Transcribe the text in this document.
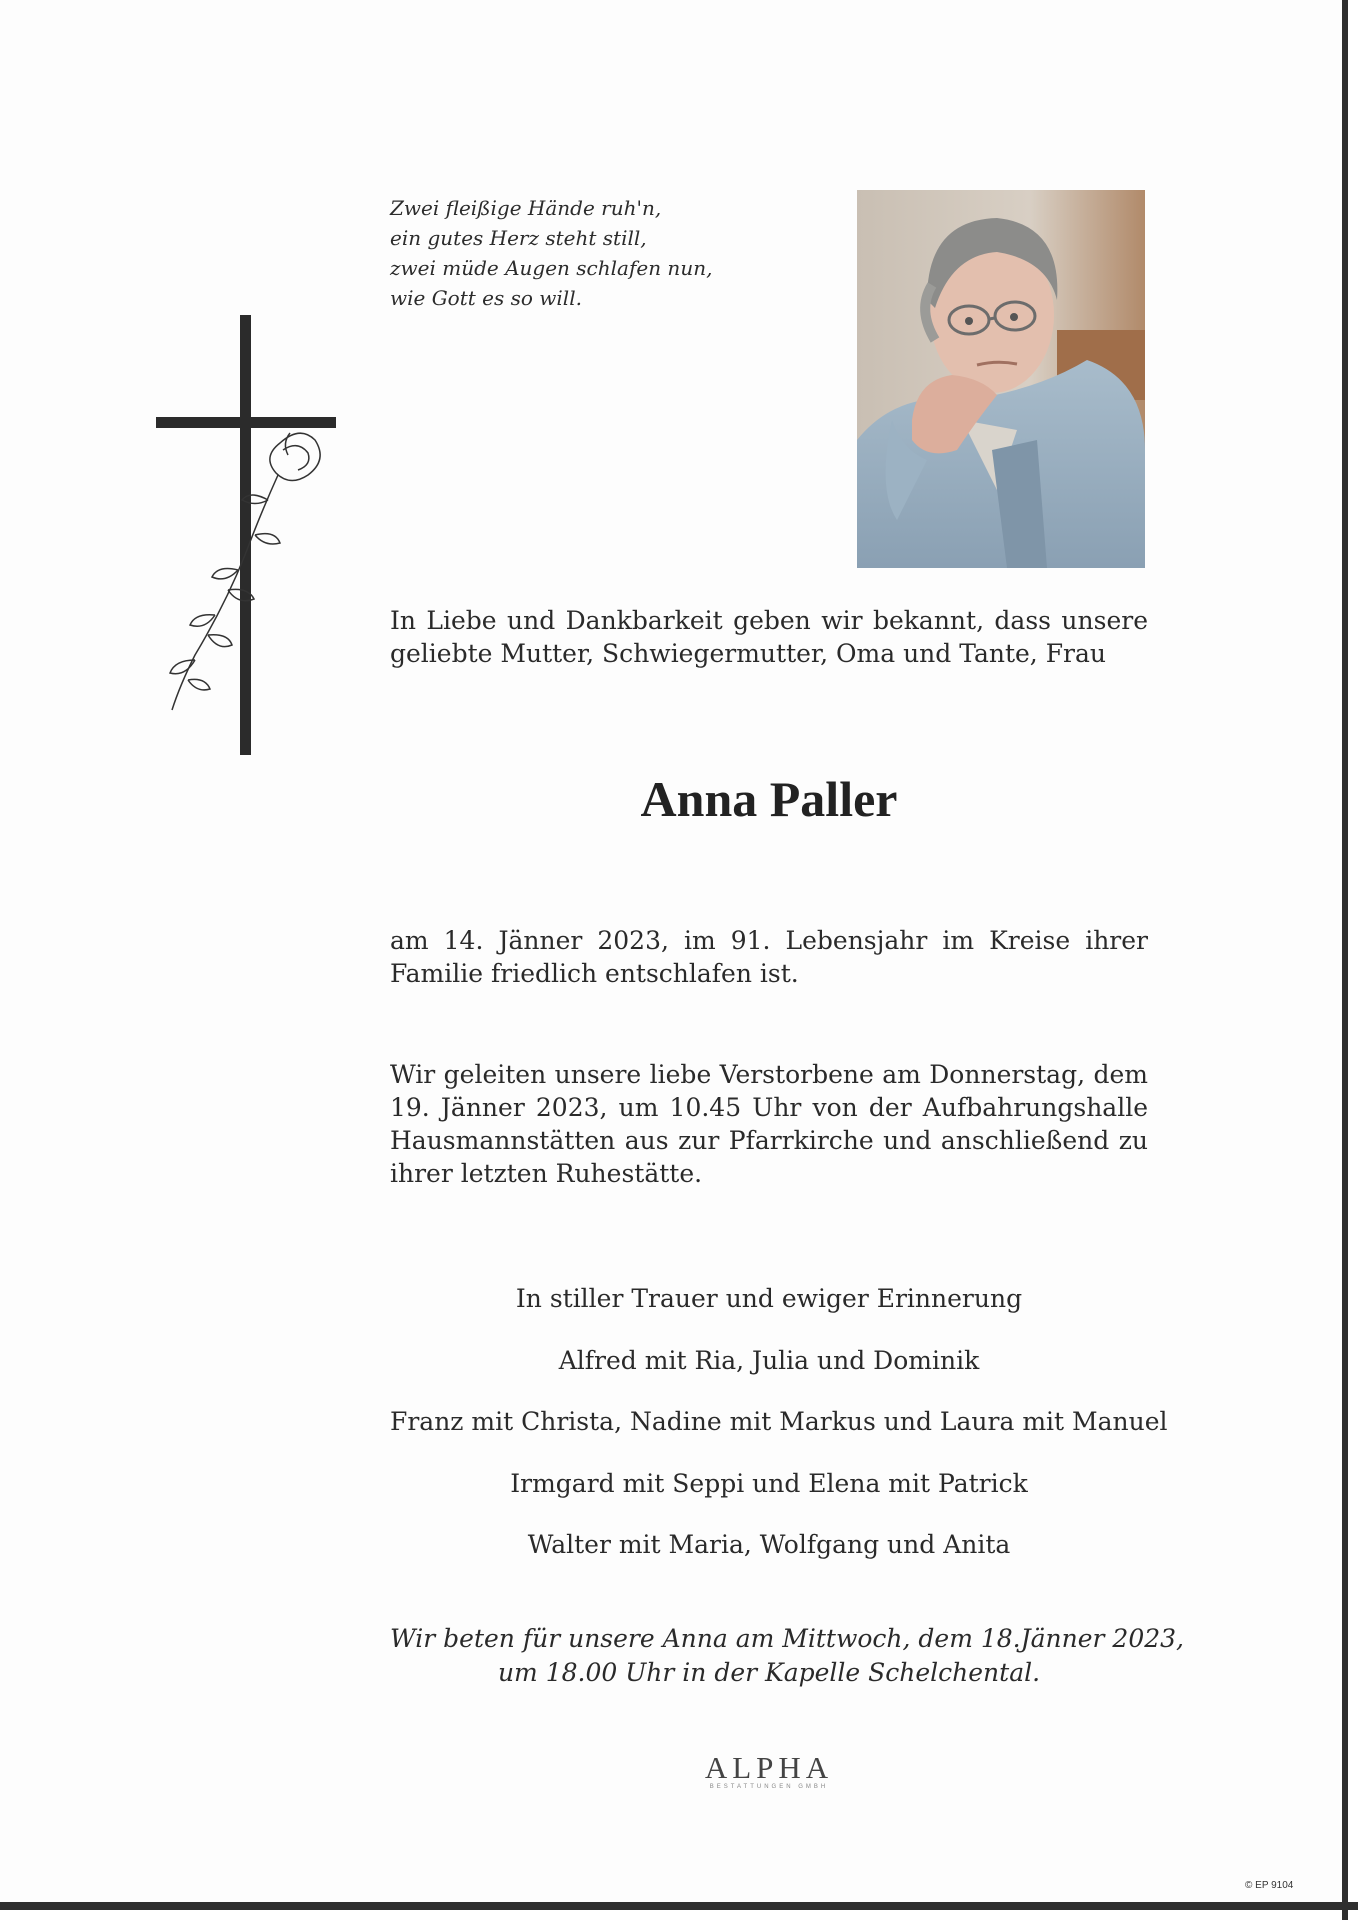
Zwei fleißige Hände ruh'n,
ein gutes Herz steht still,
zwei müde Augen schlafen nun,
wie Gott es so will.
In Liebe und Dankbarkeit geben wir bekannt, dass unsere geliebte Mutter, Schwiegermutter, Oma und Tante, Frau
Anna Paller
am 14. Jänner 2023, im 91. Lebensjahr im Kreise ihrer Familie friedlich entschlafen ist.
Wir geleiten unsere liebe Verstorbene am Donnerstag, dem 19. Jänner 2023, um 10.45 Uhr von der Aufbahrungshalle Hausmannstätten aus zur Pfarrkirche und anschließend zu ihrer letzten Ruhestätte.
In stiller Trauer und ewiger Erinnerung
Alfred mit Ria, Julia und Dominik
Franz mit Christa, Nadine mit Markus und Laura mit Manuel
Irmgard mit Seppi und Elena mit Patrick
Walter mit Maria, Wolfgang und Anita
Wir beten für unsere Anna am Mittwoch, dem 18.Jänner 2023,
um 18.00 Uhr in der Kapelle Schelchental.
ALPHA
BESTATTUNGEN GMBH
© EP 9104
